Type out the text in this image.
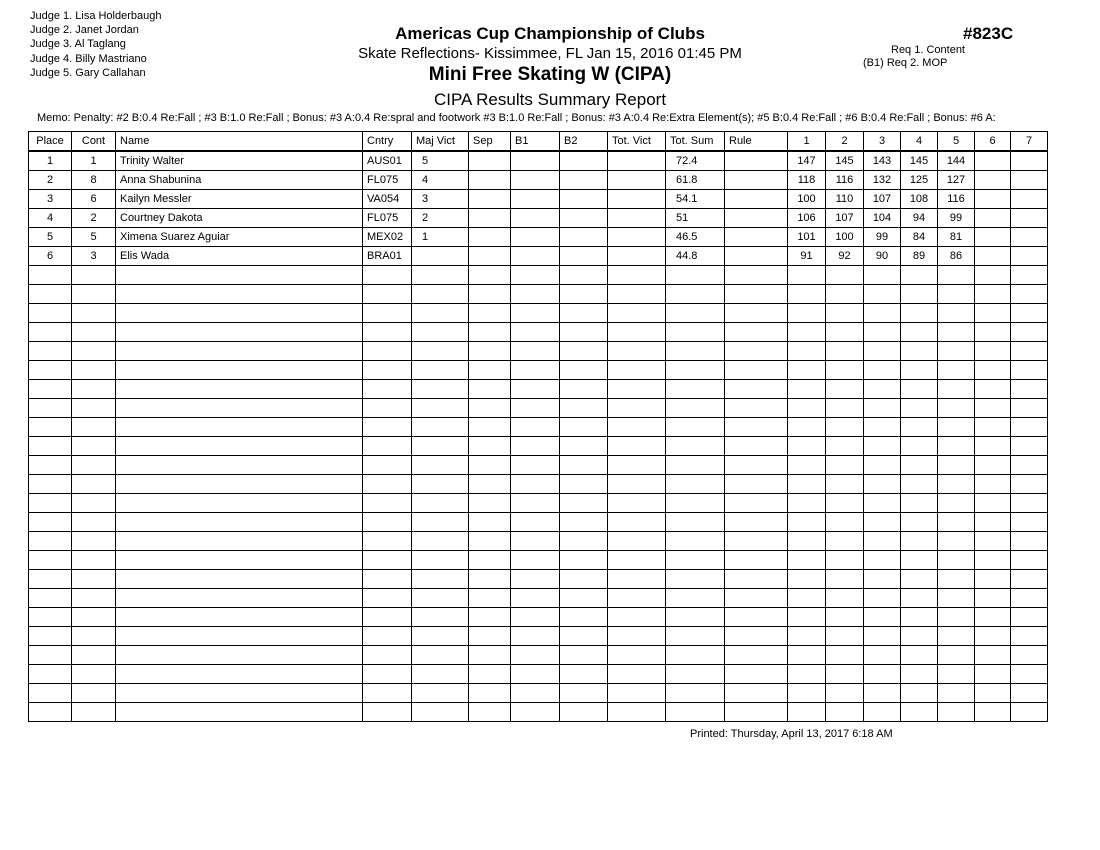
Judge 1. Lisa Holderbaugh
Judge 2. Janet Jordan
Judge 3. Al Taglang
Judge 4. Billy Mastriano
Judge 5. Gary Callahan
Americas Cup Championship of Clubs
Skate Reflections- Kissimmee, FL Jan 15, 2016 01:45 PM
Mini Free Skating W (CIPA)
CIPA Results Summary Report
#823C
Req 1. Content
(B1) Req 2. MOP
Memo: Penalty: #2 B:0.4 Re:Fall ; #3 B:1.0 Re:Fall ; Bonus: #3 A:0.4 Re:spral and footwork #3 B:1.0 Re:Fall ; Bonus: #3 A:0.4 Re:Extra Element(s); #5 B:0.4 Re:Fall ; #6 B:0.4 Re:Fall ; Bonus: #6 A:
Place	Cont	Name	Cntry	Maj Vict	Sep	B1	B2	Tot. Vict	Tot. Sum	Rule	1	2	3	4	5	6	7
1	1	Trinity Walter	AUS01	5					72.4		147	145	143	145	144		
2	8	Anna Shabunina	FL075	4					61.8		118	116	132	125	127		
3	6	Kailyn Messler	VA054	3					54.1		100	110	107	108	116		
4	2	Courtney Dakota	FL075	2					51		106	107	104	94	99		
5	5	Ximena Suarez Aguiar	MEX02	1					46.5		101	100	99	84	81		
6	3	Elis Wada	BRA01						44.8		91	92	90	89	86		

Printed: Thursday, April 13, 2017 6:18 AM
